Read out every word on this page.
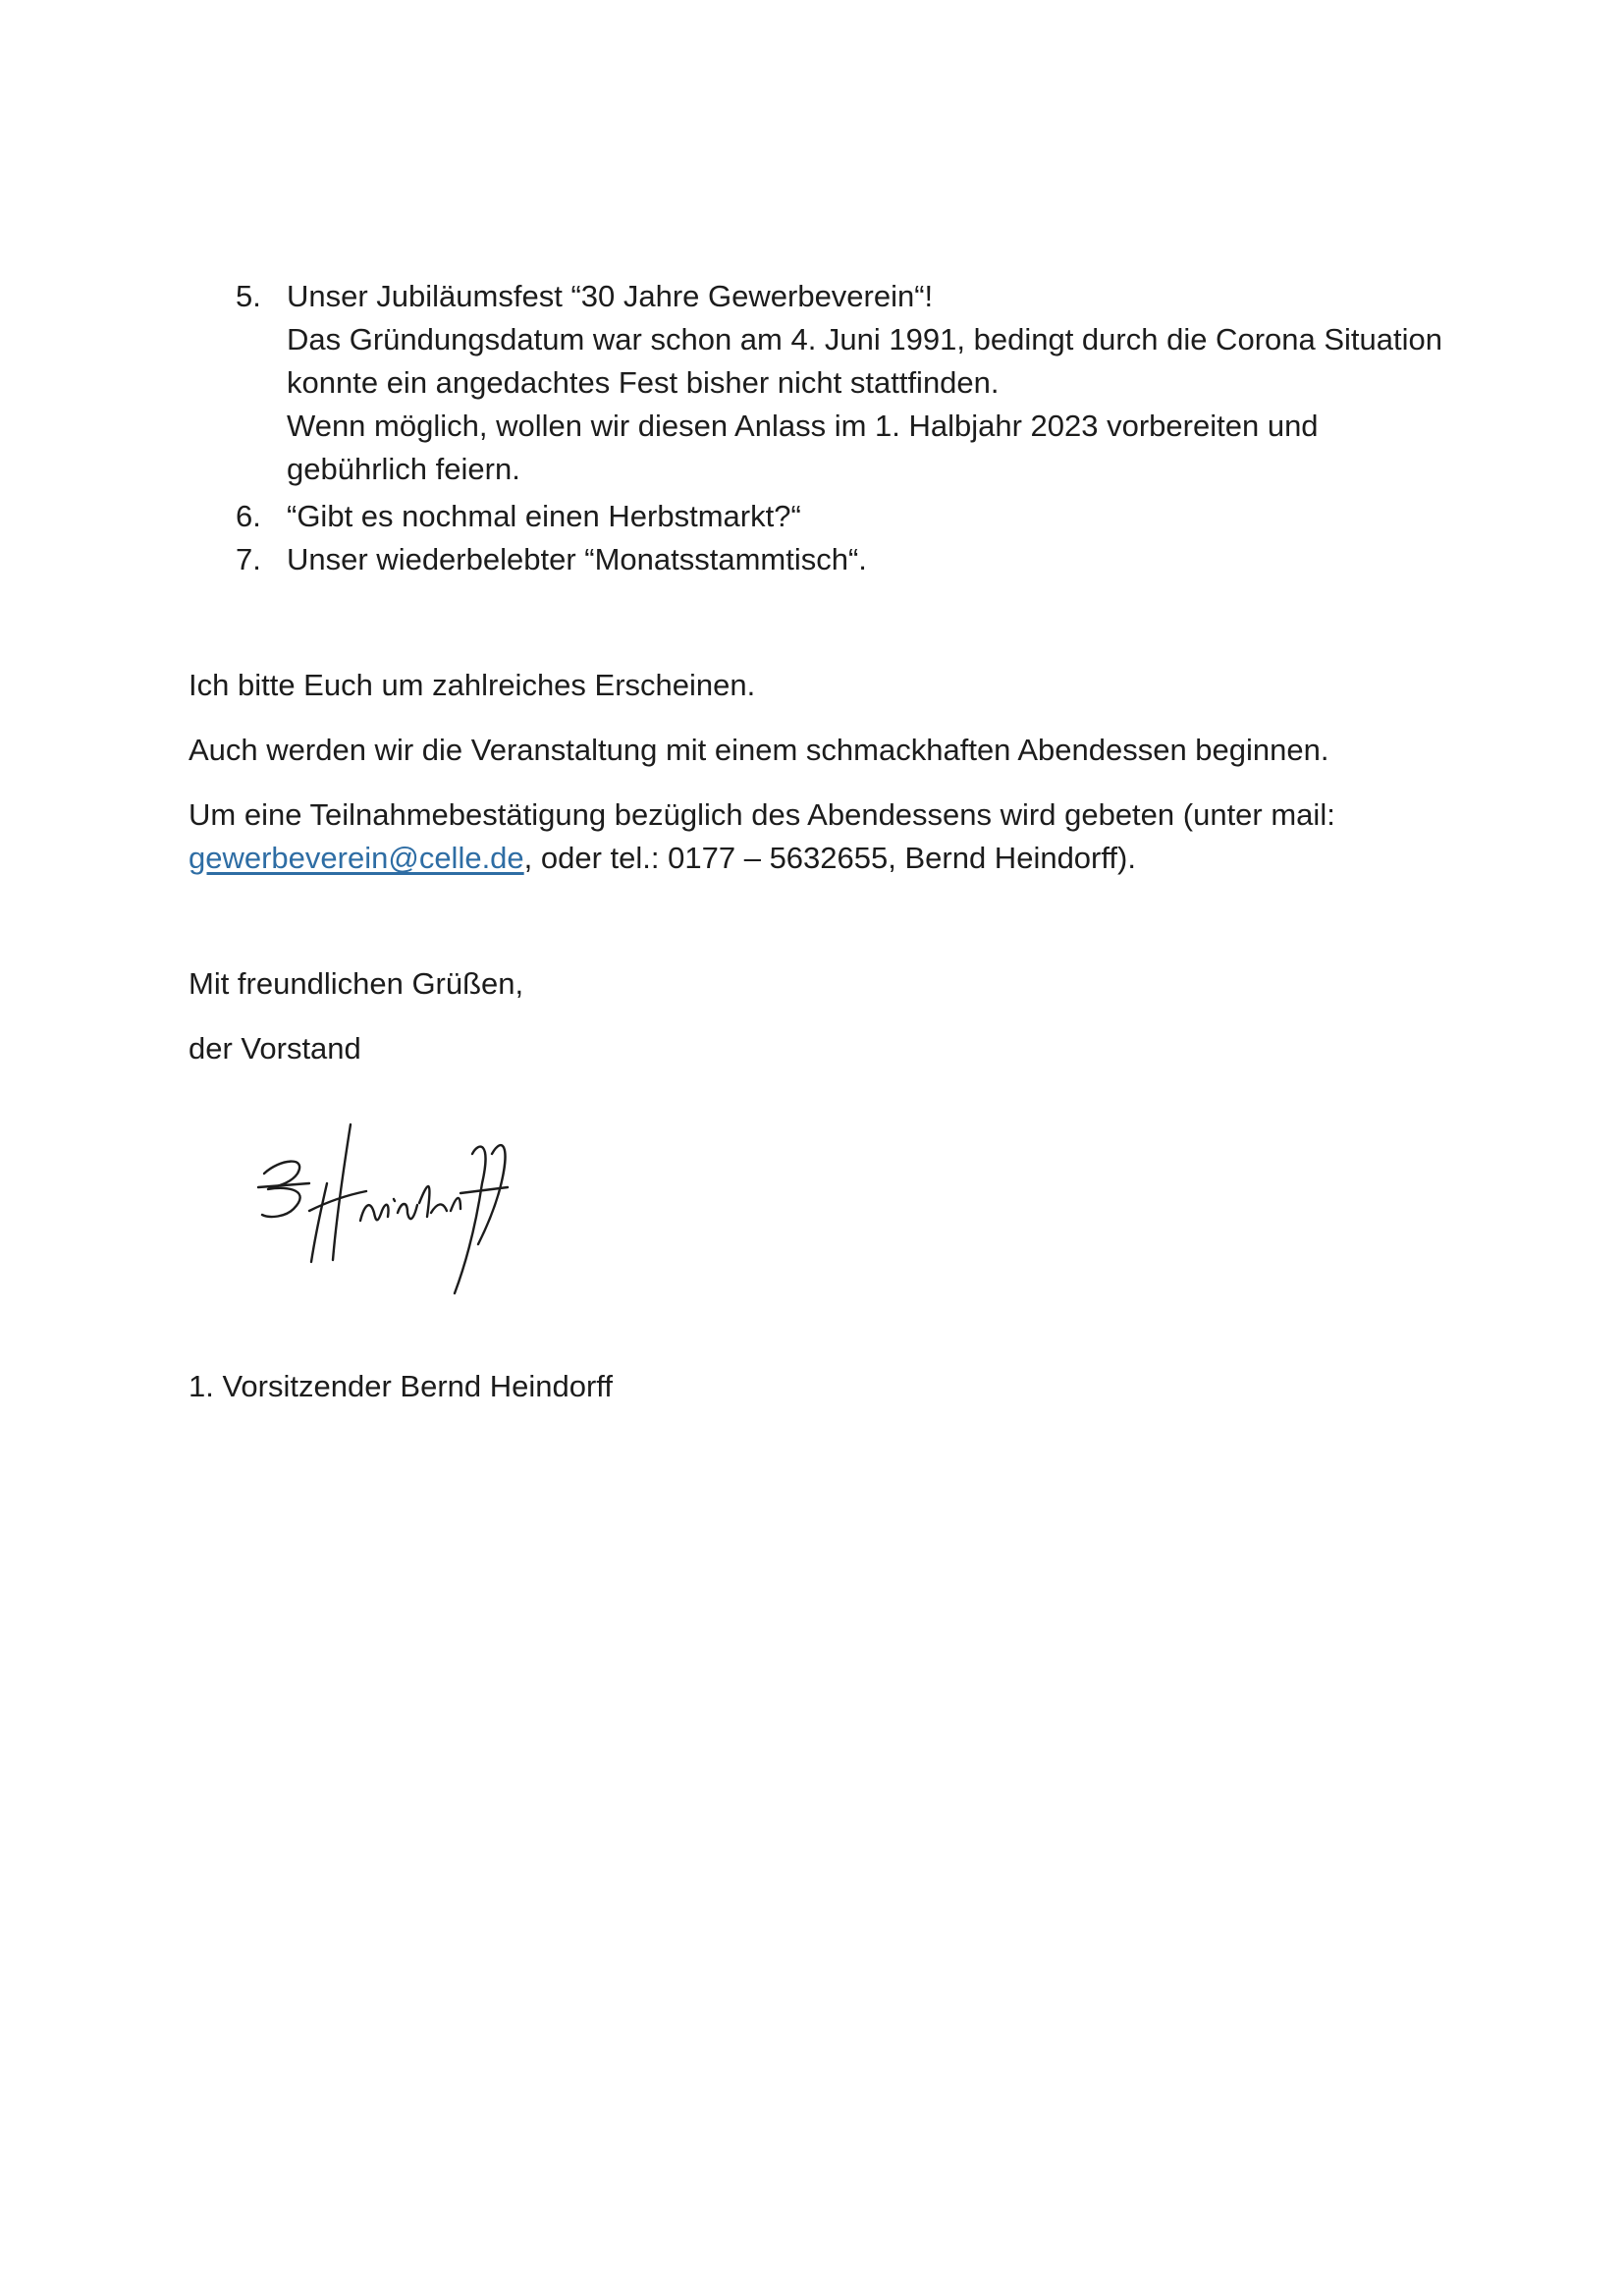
5. Unser Jubiläumsfest “30 Jahre Gewerbeverein“!
Das Gründungsdatum war schon am 4. Juni 1991, bedingt durch die Corona Situation
konnte ein angedachtes Fest bisher nicht stattfinden.
Wenn möglich, wollen wir diesen Anlass im 1. Halbjahr 2023 vorbereiten und
gebührlich feiern.
6. “Gibt es nochmal einen Herbstmarkt?“
7. Unser wiederbelebter “Monatsstammtisch“.
Ich bitte Euch um zahlreiches Erscheinen.
Auch werden wir die Veranstaltung mit einem schmackhaften Abendessen beginnen.
Um eine Teilnahmebestätigung bezüglich des Abendessens wird gebeten (unter mail:
gewerbeverein@celle.de, oder tel.: 0177 – 5632655, Bernd Heindorff).
Mit freundlichen Grüßen,
der Vorstand
1. Vorsitzender Bernd Heindorff
